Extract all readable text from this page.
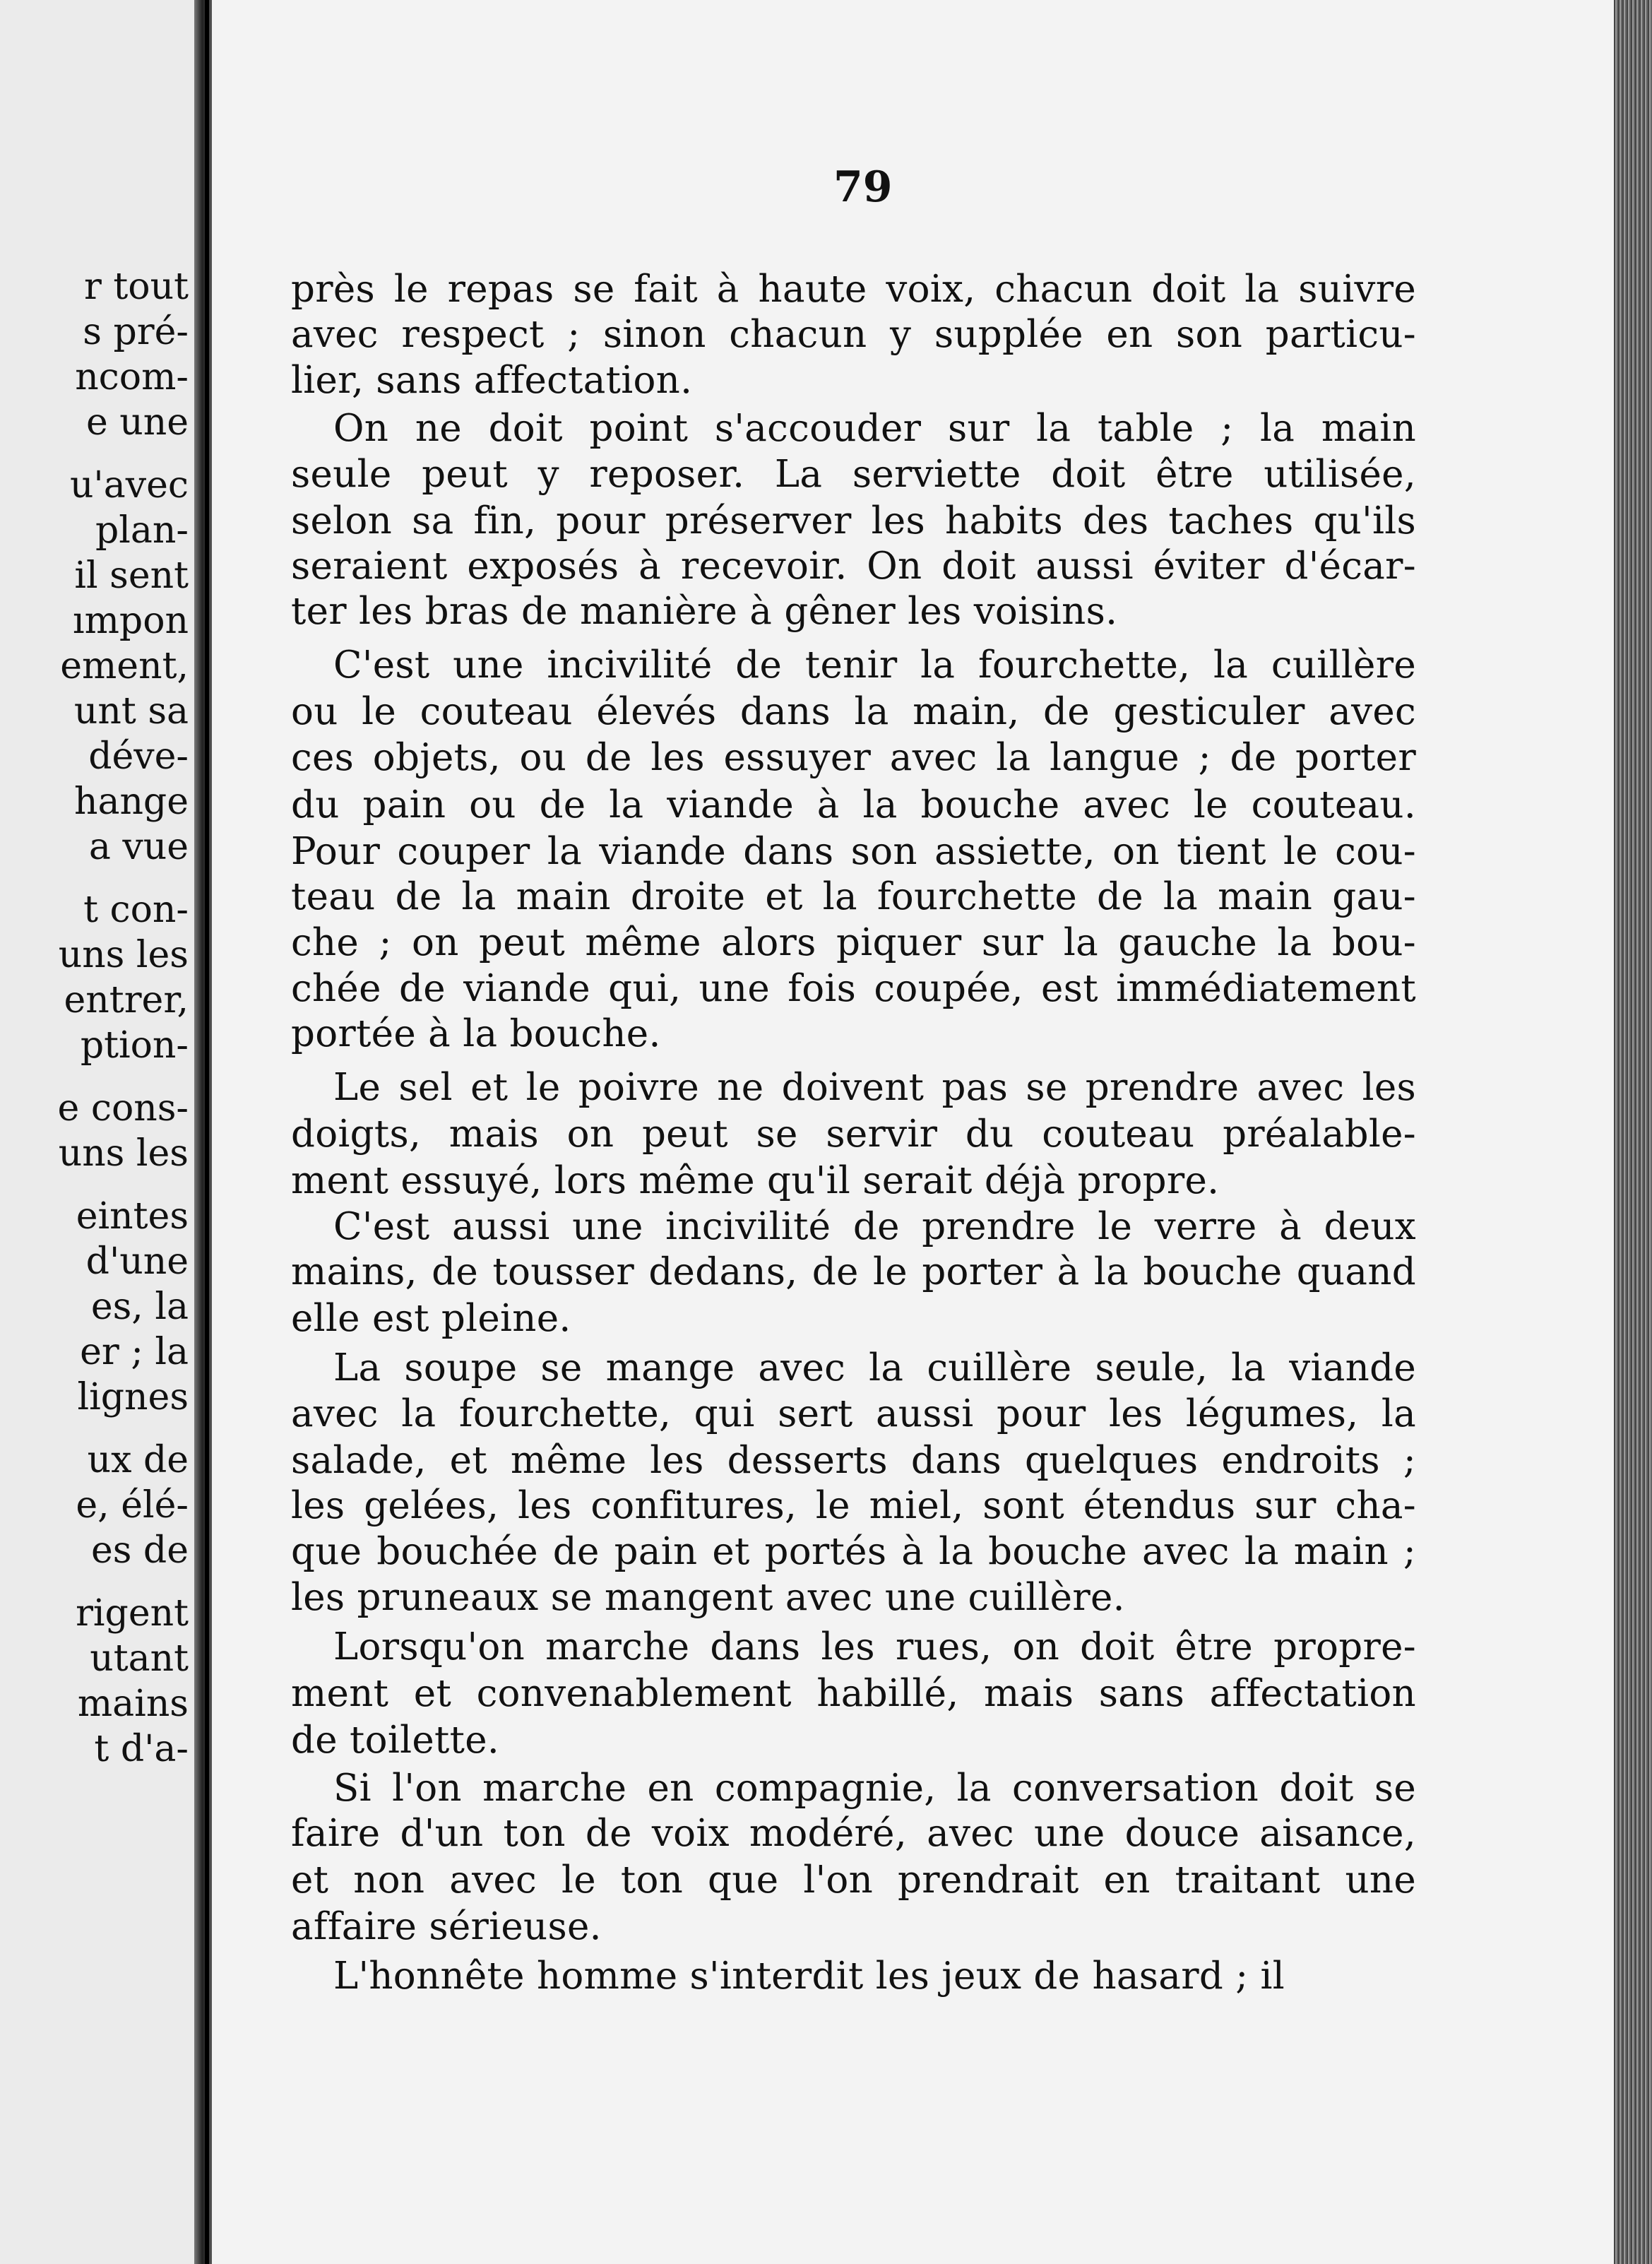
r tout
s pré-
ncom-
e une
u'avec
plan-
il sent
ımpon
ement,
unt sa
déve-
hange
a vue
t con-
uns les
entrer,
ption-
e cons-
uns les
eintes
d'une
es, la
er ; la
lignes
ux de
e, élé-
es de
rigent
utant
mains
t d'a-
79
près le repas se fait à haute voix, chacun doit la suivre
avec respect ; sinon chacun y supplée en son particu-
lier, sans affectation.
On ne doit point s'accouder sur la table ; la main
seule peut y reposer. La serviette doit être utilisée,
selon sa fin, pour préserver les habits des taches qu'ils
seraient exposés à recevoir. On doit aussi éviter d'écar-
ter les bras de manière à gêner les voisins.
C'est une incivilité de tenir la fourchette, la cuillère
ou le couteau élevés dans la main, de gesticuler avec
ces objets, ou de les essuyer avec la langue ; de porter
du pain ou de la viande à la bouche avec le couteau.
Pour couper la viande dans son assiette, on tient le cou-
teau de la main droite et la fourchette de la main gau-
che ; on peut même alors piquer sur la gauche la bou-
chée de viande qui, une fois coupée, est immédiatement
portée à la bouche.
Le sel et le poivre ne doivent pas se prendre avec les
doigts, mais on peut se servir du couteau préalable-
ment essuyé, lors même qu'il serait déjà propre.
C'est aussi une incivilité de prendre le verre à deux
mains, de tousser dedans, de le porter à la bouche quand
elle est pleine.
La soupe se mange avec la cuillère seule, la viande
avec la fourchette, qui sert aussi pour les légumes, la
salade, et même les desserts dans quelques endroits ;
les gelées, les confitures, le miel, sont étendus sur cha-
que bouchée de pain et portés à la bouche avec la main ;
les pruneaux se mangent avec une cuillère.
Lorsqu'on marche dans les rues, on doit être propre-
ment et convenablement habillé, mais sans affectation
de toilette.
Si l'on marche en compagnie, la conversation doit se
faire d'un ton de voix modéré, avec une douce aisance,
et non avec le ton que l'on prendrait en traitant une
affaire sérieuse.
L'honnête homme s'interdit les jeux de hasard ; il
